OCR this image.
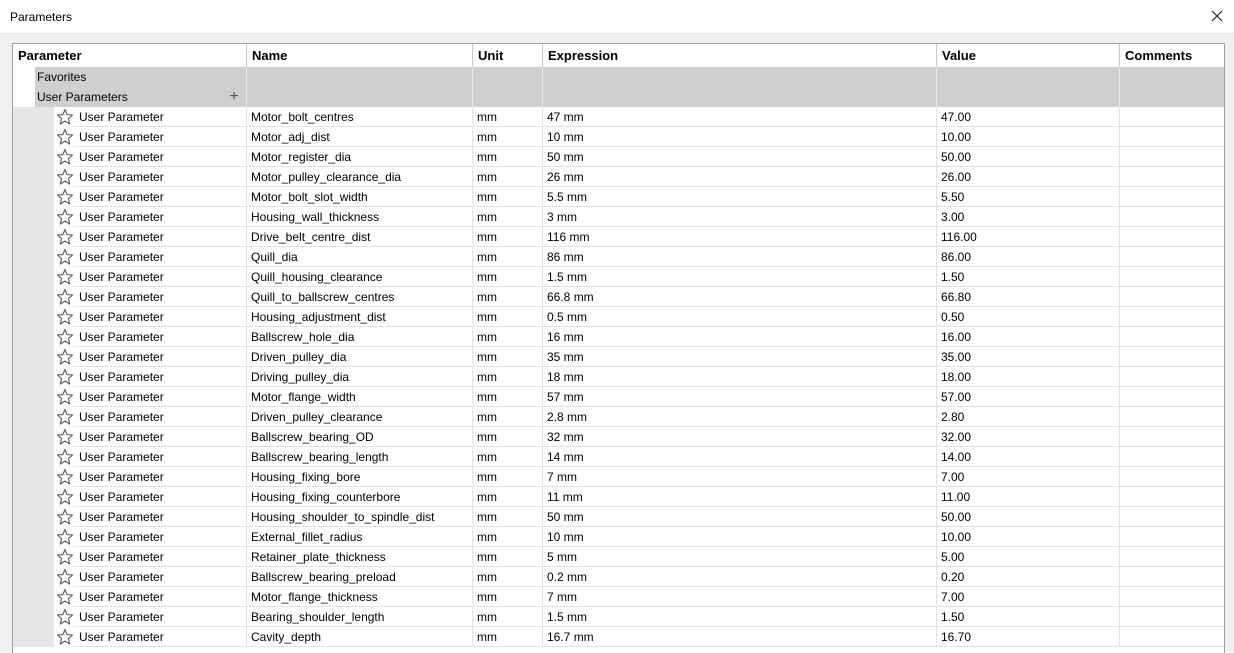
Parameters
Parameter	Name	Unit	Expression	Value	Comments
Favorites
User Parameters	+
User Parameter	Motor_bolt_centres	mm	47 mm	47.00
User Parameter	Motor_adj_dist	mm	10 mm	10.00
User Parameter	Motor_register_dia	mm	50 mm	50.00
User Parameter	Motor_pulley_clearance_dia	mm	26 mm	26.00
User Parameter	Motor_bolt_slot_width	mm	5.5 mm	5.50
User Parameter	Housing_wall_thickness	mm	3 mm	3.00
User Parameter	Drive_belt_centre_dist	mm	116 mm	116.00
User Parameter	Quill_dia	mm	86 mm	86.00
User Parameter	Quill_housing_clearance	mm	1.5 mm	1.50
User Parameter	Quill_to_ballscrew_centres	mm	66.8 mm	66.80
User Parameter	Housing_adjustment_dist	mm	0.5 mm	0.50
User Parameter	Ballscrew_hole_dia	mm	16 mm	16.00
User Parameter	Driven_pulley_dia	mm	35 mm	35.00
User Parameter	Driving_pulley_dia	mm	18 mm	18.00
User Parameter	Motor_flange_width	mm	57 mm	57.00
User Parameter	Driven_pulley_clearance	mm	2.8 mm	2.80
User Parameter	Ballscrew_bearing_OD	mm	32 mm	32.00
User Parameter	Ballscrew_bearing_length	mm	14 mm	14.00
User Parameter	Housing_fixing_bore	mm	7 mm	7.00
User Parameter	Housing_fixing_counterbore	mm	11 mm	11.00
User Parameter	Housing_shoulder_to_spindle_dist	mm	50 mm	50.00
User Parameter	External_fillet_radius	mm	10 mm	10.00
User Parameter	Retainer_plate_thickness	mm	5 mm	5.00
User Parameter	Ballscrew_bearing_preload	mm	0.2 mm	0.20
User Parameter	Motor_flange_thickness	mm	7 mm	7.00
User Parameter	Bearing_shoulder_length	mm	1.5 mm	1.50
User Parameter	Cavity_depth	mm	16.7 mm	16.70
